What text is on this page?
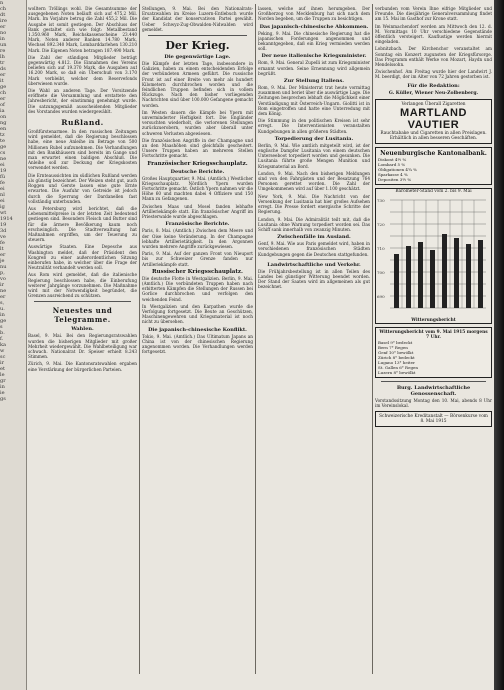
n
ch
dt
ire
er
no
in
un
re
lh
tr
ds
er
it
ge
ch
er
of
ia
on
ng
en
tz
te
ge
cs
ne
ei
19
fü
fe
ei
nl
ei
ig
wt
1914
19
3d
ve
fe
lt
er
je
nu
p,
vo
ir
ne
er
s,
u.
in
ge
s
b.
f.
ka
w
sc
ir
et
le
gr
in
ie
gs

wolltern Tröllings wohl. Die Gesamtsumme der ausgegebenen Noten beläuft sich auf 475,2 Mil. Mark. Im Vorjahre betrug die Zahl 455,2 Mil. Die Ausgabe ist somit gestiegen. Der Abschluss der Bank gestaltet sich wie folgt: Metallbestand 1.350.960 Mark, Reichskassenscheine 23.440 Mark, Noten anderer Banken 14.780 Mark, Wechsel 892.340 Mark, Lombarddarlehen 130.210 Mark. Die Eigenen Noten betragen 187.490 Mark.

Die Zahl der ständigen Mitglieder beträgt gegenwärtig 4.812. Die Einnahmen des Vereins beliefen sich auf 19.370 Mark, die Ausgaben auf 16.200 Mark, so daß ein Überschuß von 3.170 Mark verbleibt, welcher dem Reservefonds überwiesen wurde.

Die Wahl an anderen Tage. Der Vorsitzende eröffnete die Versammlung und erstattete den Jahresbericht, der einstimmig genehmigt wurde. Die satzungsgemäß ausscheidenden Mitglieder des Vorstandes wurden wiedergewählt.

Rußland.

Großfürstenarmee. In den russischen Zeitungen wird gemeldet, daß die Regierung beschlossen habe, eine neue Anleihe im Betrage von 500 Millionen Rubel aufzunehmen. Die Verhandlungen mit den Bankhäusern sind bereits im Gange und man erwartet einen baldigen Abschluß. Die Anleihe soll zur Deckung der Kriegskosten verwendet werden.

Die Ernteaussichten im südlichen Rußland werden als günstig bezeichnet. Der Weizen steht gut, auch Roggen und Gerste lassen eine gute Ernte erwarten. Die Ausfuhr von Getreide ist jedoch durch die Sperrung der Dardanellen fast vollständig unterbunden.

Aus Petersburg wird berichtet, daß die Lebensmittelpreise in der letzten Zeit bedeutend gestiegen sind. Besonders Fleisch und Butter sind für die ärmere Bevölkerung kaum noch erschwinglich. Die Stadtverwaltung hat Maßnahmen ergriffen, um der Teuerung zu steuern.

Auswärtige Staaten. Eine Depesche aus Washington meldet, daß der Präsident den Kongreß zu einer außerordentlichen Sitzung einberufen habe, in welcher über die Frage der Neutralität verhandelt werden soll.

Aus Rom wird gemeldet, daß die italienische Regierung beschlossen habe, die Einberufung weiterer Jahrgänge vorzunehmen. Die Maßnahme wird mit der Notwendigkeit begründet, die Grenzen ausreichend zu schützen.

Neuestes und Telegramme.
Wahlen.

Basel, 9. Mai. Bei den Regierungsratswahlen wurden die bisherigen Mitglieder mit großer Mehrheit wiedergewählt. Die Wahlbeteiligung war schwach. Nationalrat Dr. Speiser erhielt 8.243 Stimmen.

Zürich, 9. Mai. Die Kantonsratswahlen ergaben eine Verstärkung der bürgerlichen Parteien.

Stellungen, 9. Mai. Bei den Nationalrats-Ersatzwahlen im Kreise Luzern-Entlebuch wurde der Kandidat der konservativen Partei gewählt. Ueber Schwyz-Zug-Obwalden-Nidwalden wird gemeldet.

Der Krieg.
Die gegenwärtige Lage.

Die Kämpfe der letzten Tage, insbesondere in Galizien, haben zu einem entscheidenden Erfolge der verbündeten Armeen geführt. Die russische Front ist auf einer Breite von mehr als hundert Kilometern durchbrochen worden und die feindlichen Truppen befinden sich in vollem Rückzuge. Nach den bisher vorliegenden Nachrichten sind über 100.000 Gefangene gemacht worden.

Im Westen dauern die Kämpfe bei Ypern mit unverminderter Heftigkeit fort. Die Engländer versuchten wiederholt, die verlorenen Stellungen zurückzuerobern, wurden aber überall unter schweren Verlusten abgewiesen.

Die französischen Angriffe in der Champagne und an den Maashöhen sind gleichfalls gescheitert. Unsere Truppen haben an mehreren Stellen Fortschritte gemacht.

Französischer Kriegsschauplatz.
Deutsche Berichte.

Großes Hauptquartier, 9. Mai. (Amtlich.) Westlicher Kriegsschauplatz. Nördlich Ypern wurden Fortschritte gemacht. Östlich Ypern nahmen wir die Höhe 60 und machten dabei 4 Offiziere und 150 Mann zu Gefangenen.

Zwischen Maas und Mosel fanden lebhafte Artilleriekämpfe statt. Ein französischer Angriff im Priesterwalde wurde abgeschlagen.

Französische Berichte.

Paris, 8. Mai. (Amtlich.) Zwischen dem Meere und der Oise keine Veränderung. In der Champagne lebhafte Artillerietätigkeit. In den Argonnen wurden mehrere Angriffe zurückgewiesen.

Paris, 9. Mai. Auf der ganzen Front von Nieuport bis zur Schweizer Grenze fanden nur Artilleriekämpfe statt.

Russischer Kriegsschauplatz.

Die deutsche Flotte in Westgalizien. Berlin, 9. Mai. (Amtlich.) Die verbündeten Truppen haben nach erbitterten Kämpfen die Stellungen der Russen bei Gorlice durchbrochen und verfolgen den weichenden Feind.

In Westgalizien und den Karpathen wurde die Verfolgung fortgesetzt. Die Beute an Geschützen, Maschinengewehren und Kriegsmaterial ist noch nicht zu übersehen.

Die japanisch-chinesische Konflikt.

Tokio, 9. Mai. (Amtlich.) Das Ultimatum Japans an China ist von der chinesischen Regierung angenommen worden. Die Verhandlungen werden fortgesetzt.

lassen, welche auf ihnen herumgeben. Der Großherzog von Mecklenburg hat sich nach dem Norden begeben, um die Truppen zu besichtigen.

Das japanisch-chinesische Abkommen.

Peking, 9. Mai. Die chinesische Regierung hat die japanischen Forderungen angenommen und bekanntgegeben, daß ein Krieg vermieden werden soll.

Der neue italienische Kriegsminister.

Rom, 9. Mai. General Zupelli ist zum Kriegsminister ernannt worden. Seine Ernennung wird allgemein begrüßt.

Zur Stellung Italiens.

Rom, 9. Mai. Der Ministerrat trat heute vormittag zusammen und beriet über die auswärtige Lage. Die Zeitungen besprechen lebhaft die Möglichkeit einer Verständigung mit Österreich-Ungarn. Giolitti ist in Rom eingetroffen und hatte eine Unterredung mit dem König.

Die Stimmung in den politischen Kreisen ist sehr erregt. Die Interventionisten veranstalten Kundgebungen in allen größeren Städten.

Torpedierung der Lusitania.

Berlin, 9. Mai. Wie amtlich mitgeteilt wird, ist der englische Dampfer Lusitania von einem deutschen Unterseeboot torpediert worden und gesunken. Die Lusitania führte große Mengen Munition und Kriegsmaterial an Bord.

London, 9. Mai. Nach den bisherigen Meldungen sind von den Fahrgästen und der Besatzung 764 Personen gerettet worden. Die Zahl der Umgekommenen wird auf über 1.100 geschätzt.

New York, 9. Mai. Die Nachricht von der Versenkung der Lusitania hat hier großes Aufsehen erregt. Die Presse fordert energische Schritte der Regierung.

London, 9. Mai. Die Admiralität teilt mit, daß die Lusitania ohne Warnung torpediert worden sei. Das Schiff sank innerhalb von zwanzig Minuten.

Zwischenfälle im Ausland.

Genf, 9. Mai. Wie aus Paris gemeldet wird, haben in verschiedenen französischen Städten Kundgebungen gegen die Deutschen stattgefunden.

Landwirtschaftliche und Verkehr.

Die Frühjahrsbestellung ist in allen Teilen des Landes bei günstiger Witterung beendet worden. Der Stand der Saaten wird im allgemeinen als gut bezeichnet.

verbunden vom Verein Ihne eifrige Mitglieder und Freunde. Die diesjährige Generalversammlung findet am 15. Mai im Gasthof zur Krone statt.

Im Weinmachendorf werden am Mittwoch den 12. d. M. Vormittags 10 Uhr verschiedene Gegenstände öffentlich versteigert. Kauflustige werden hiermit eingeladen.

Lobnitzbach. Der Kirchenchor veranstaltet am Sonntag ein Konzert zugunsten der Kriegsfürsorge. Das Programm enthält Werke von Mozart, Haydn und Mendelssohn.

Zwischenhof. Am Freitag wurde hier der Landwirt J. M. beerdigt, der im Alter von 72 Jahren gestorben ist.

Für die Redaktion:
G. Küller, Wiener Neu-Zolbenberg.
Verlangen Überall Zigaretten
MARTLAND VAUTIER
Rauchtabake und Cigaretten in allen Preislagen.
Erhältlich in allen besseren Geschäften.
Neuenburgische Kantonalbank.
Diskont 4½ %
Lombard 5 %
Obligationen 4¾ %
Sparkasse 4 %
Depositen 3½ %
Barometer-Stand vom 2. bis 9. Mai
730
720
710
700
690
Witterungsbericht
Witterungsbericht vom 9. Mai 1915 morgens 7 Uhr.
Basel 9° bedeckt
Bern 7° Regen
Genf 10° bewölkt
Zürich 8° bedeckt
Lugano 13° heiter
St. Gallen 6° Regen
Luzern 8° bewölkt
Burg. Landwirtschaftliche Genossenschaft.

Vorstandssitzung Montag den 10. Mai, abends 8 Uhr im Vereinslokal.

Schweizerische Kreditanstalt — Börsenkurse vom 8. Mai 1915
